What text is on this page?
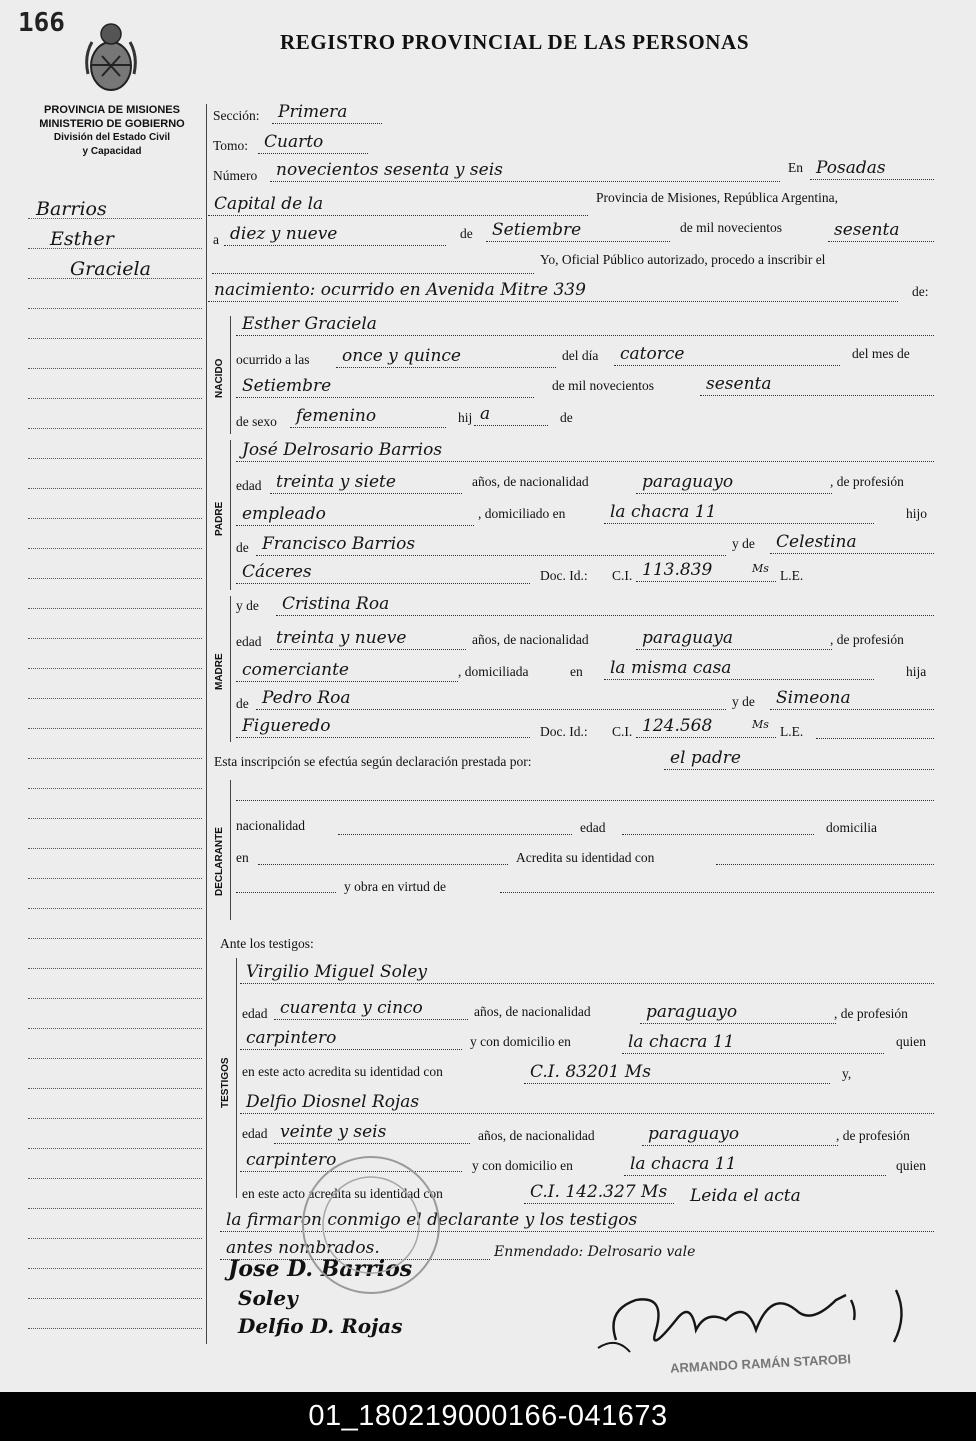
166
REGISTRO PROVINCIAL DE LAS PERSONAS
PROVINCIA DE MISIONES
MINISTERIO DE GOBIERNO
División del Estado Civil
y Capacidad
Barrios
Esther
Graciela
Sección: Primera
Tomo: Cuarto
Número novecientos sesenta y seis	En Posadas
Capital de la	Provincia de Misiones, República Argentina,
a diez y nueve	de Setiembre	de mil novecientos	sesenta
Yo, Oficial Público autorizado, procedo a inscribir el
nacimiento: ocurrido en Avenida Mitre 339	de:
NACIDO
Esther Graciela
ocurrido a las once y quince	del día catorce	del mes de
Setiembre	de mil novecientos	sesenta
de sexo femenino	hij a	de
PADRE
José Delrosario Barrios
edad treinta y siete	años, de nacionalidad	paraguayo	, de profesión
empleado	, domiciliado en	la chacra 11	hijo
de Francisco Barrios	y de Celestina
Cáceres	Doc. Id.: C.I. 113.839	Ms L.E.
MADRE
y de Cristina Roa
edad treinta y nueve	años, de nacionalidad	paraguaya	, de profesión
comerciante	, domiciliada	en la misma casa	hija
de Pedro Roa	y de Simeona
Figueredo	Doc. Id.: C.I. 124.568	Ms L.E.
Esta inscripción se efectúa según declaración prestada por:	el padre
DECLARANTE
nacionalidad	edad	domicilia
en	Acredita su identidad con
y obra en virtud de
Ante los testigos:
TESTIGOS
Virgilio Miguel Soley
edad cuarenta y cinco	años, de nacionalidad	paraguayo	, de profesión
carpintero	y con domicilio en	la chacra 11	quien
en este acto acredita su identidad con	C.I. 83201 Ms	y,
Delfio Diosnel Rojas
edad veinte y seis	años, de nacionalidad	paraguayo	, de profesión
carpintero	y con domicilio en	la chacra 11	quien
en este acto acredita su identidad con	C.I. 142.327 Ms Leida el acta
la firmaron conmigo el declarante y los testigos
antes nombrados.	Enmendado: Delrosario vale
Jose D. Barrios
Soley
Delfio D. Rojas
ARMANDO RAMÁN STAROBI
01_180219000166-041673
